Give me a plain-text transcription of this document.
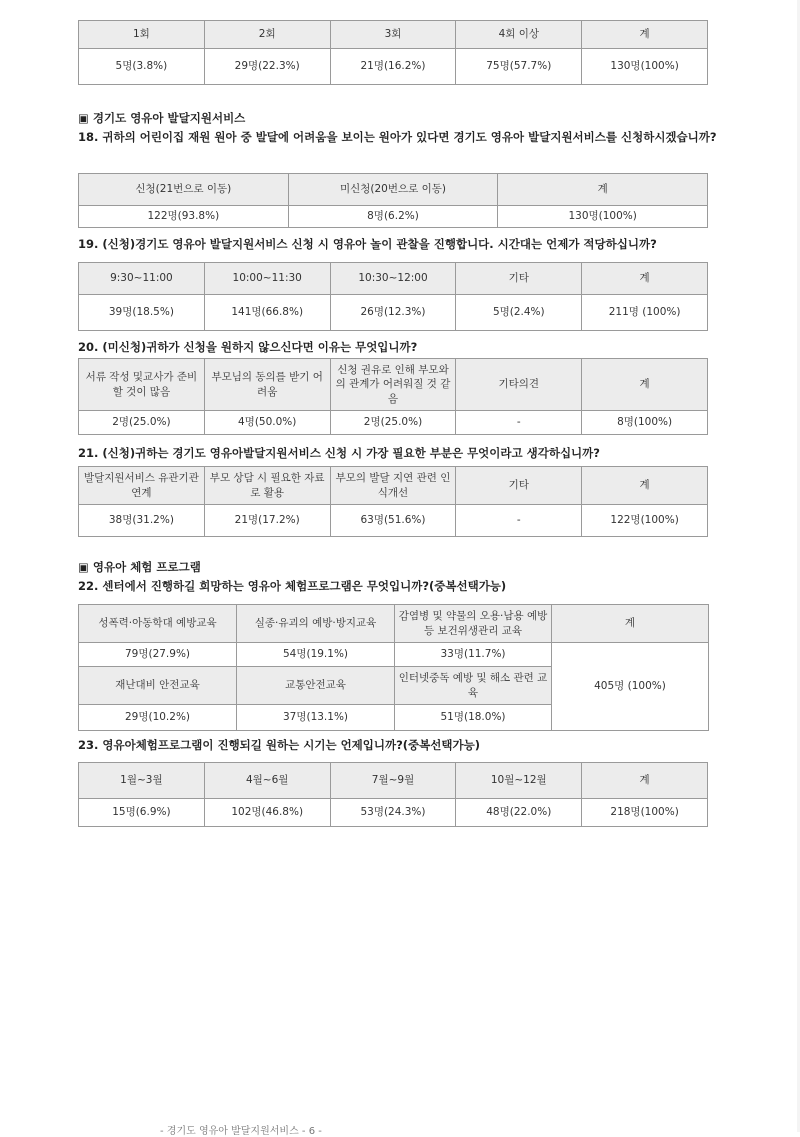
1회	2회	3회	4회 이상	계
5명(3.8%)	29명(22.3%)	21명(16.2%)	75명(57.7%)	130명(100%)
▣ 경기도 영유아 발달지원서비스
18. 귀하의 어린이집 재원 원아 중 발달에 어려움을 보이는 원아가 있다면 경기도 영유아 발달지원서비스를 신청하시겠습니까?
신청(21번으로 이동)	미신청(20번으로 이동)	계
122명(93.8%)	8명(6.2%)	130명(100%)
19. (신청)경기도 영유아 발달지원서비스 신청 시 영유아 놀이 관찰을 진행합니다. 시간대는 언제가 적당하십니까?
9:30~11:00	10:00~11:30	10:30~12:00	기타	계
39명(18.5%)	141명(66.8%)	26명(12.3%)	5명(2.4%)	211명 (100%)
20. (미신청)귀하가 신청을 원하지 않으신다면 이유는 무엇입니까?
서류 작성 및교사가 준비할 것이 많음	부모님의 동의를 받기 어려움	신청 권유로 인해 부모와의 관계가 어려워질 것 같음	기타의견	계
2명(25.0%)	4명(50.0%)	2명(25.0%)	-	8명(100%)
21. (신청)귀하는 경기도 영유아발달지원서비스 신청 시 가장 필요한 부분은 무엇이라고 생각하십니까?
발달지원서비스 유관기관 연계	부모 상담 시 필요한 자료로 활용	부모의 발달 지연 관련 인식개선	기타	계
38명(31.2%)	21명(17.2%)	63명(51.6%)	-	122명(100%)
▣ 영유아 체험 프로그램
22. 센터에서 진행하길 희망하는 영유아 체험프로그램은 무엇입니까?(중복선택가능)
성폭력·아동학대 예방교육	실종·유괴의 예방·방지교육	감염병 및 약물의 오용·남용 예방 등 보건위생관리 교육	계
79명(27.9%)	54명(19.1%)	33명(11.7%)	405명 (100%)
재난대비 안전교육	교통안전교육	인터넷중독 예방 및 해소 관련 교육	
29명(10.2%)	37명(13.1%)	51명(18.0%)	
23. 영유아체험프로그램이 진행되길 원하는 시기는 언제입니까?(중복선택가능)
1월~3월	4월~6월	7월~9월	10월~12월	계
15명(6.9%)	102명(46.8%)	53명(24.3%)	48명(22.0%)	218명(100%)
- 경기도 영유아 발달지원서비스 - 6 -
